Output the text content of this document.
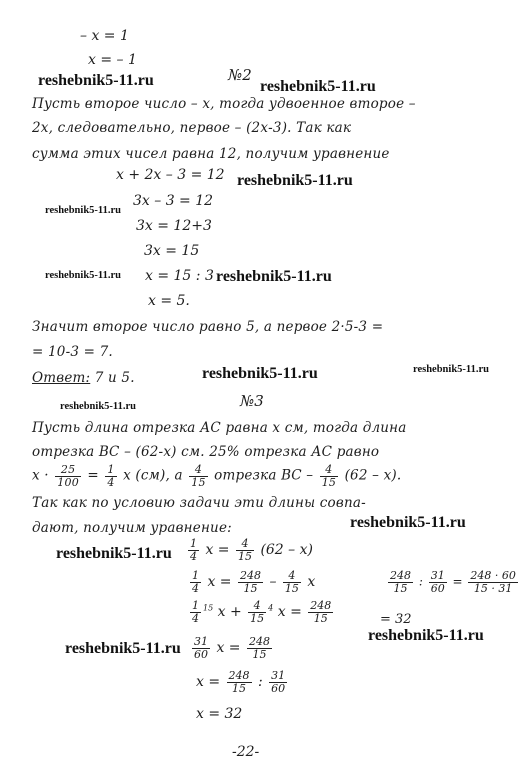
– х = 1
х = – 1
reshebnik5-11.ru	reshebnik5-11.ru
reshebnik5-11.ru
reshebnik5-11.ru
reshebnik5-11.ru	reshebnik5-11.ru
reshebnik5-11.ru	reshebnik5-11.ru
reshebnik5-11.ru
reshebnik5-11.ru
reshebnik5-11.ru
reshebnik5-11.ru
reshebnik5-11.ru
№2
Пусть второе число – х, тогда удвоенное второе –
2х, следовательно, первое – (2х-3). Так как
сумма этих чисел равна 12, получим уравнение
х + 2х – 3 = 12
3х – 3 = 12
3х = 12+3
3х = 15
х = 15 : 3
х = 5.
Значит второе число равно 5, а первое 2·5-3 =
= 10-3 = 7.
Ответ: 7 и 5.
№3
Пусть длина отрезка АС равна х см, тогда длина
отрезка ВС – (62-х) см. 25% отрезка АС равно
$х \cdot \frac{25}{100} = \frac{1}{4}$ х (см), а $\frac{4}{15}$ отрезка ВС – $\frac{4}{15} (62 - х)$.
Так как по условию задачи эти длины совпа-
дают, получим уравнение:
$\frac{1}{4}$ $х = \frac{4}{15} (62 - х)$
$\frac{1}{4}$ $х = \frac{248}{15} - \frac{4}{15}$ х
$\frac{1}{4} ^{15}$ $х + \frac{4}{15} ^4$ $х = \frac{248}{15}$
$\frac{31}{60}$ $х = \frac{248}{15}$
$х = \frac{248}{15}$ : $\frac{31}{60}$
х = 32
$\frac{248}{15}$ : $\frac{31}{60} = \frac{248 \cdot 60}{15 \cdot 31}$
= 32
-22-
